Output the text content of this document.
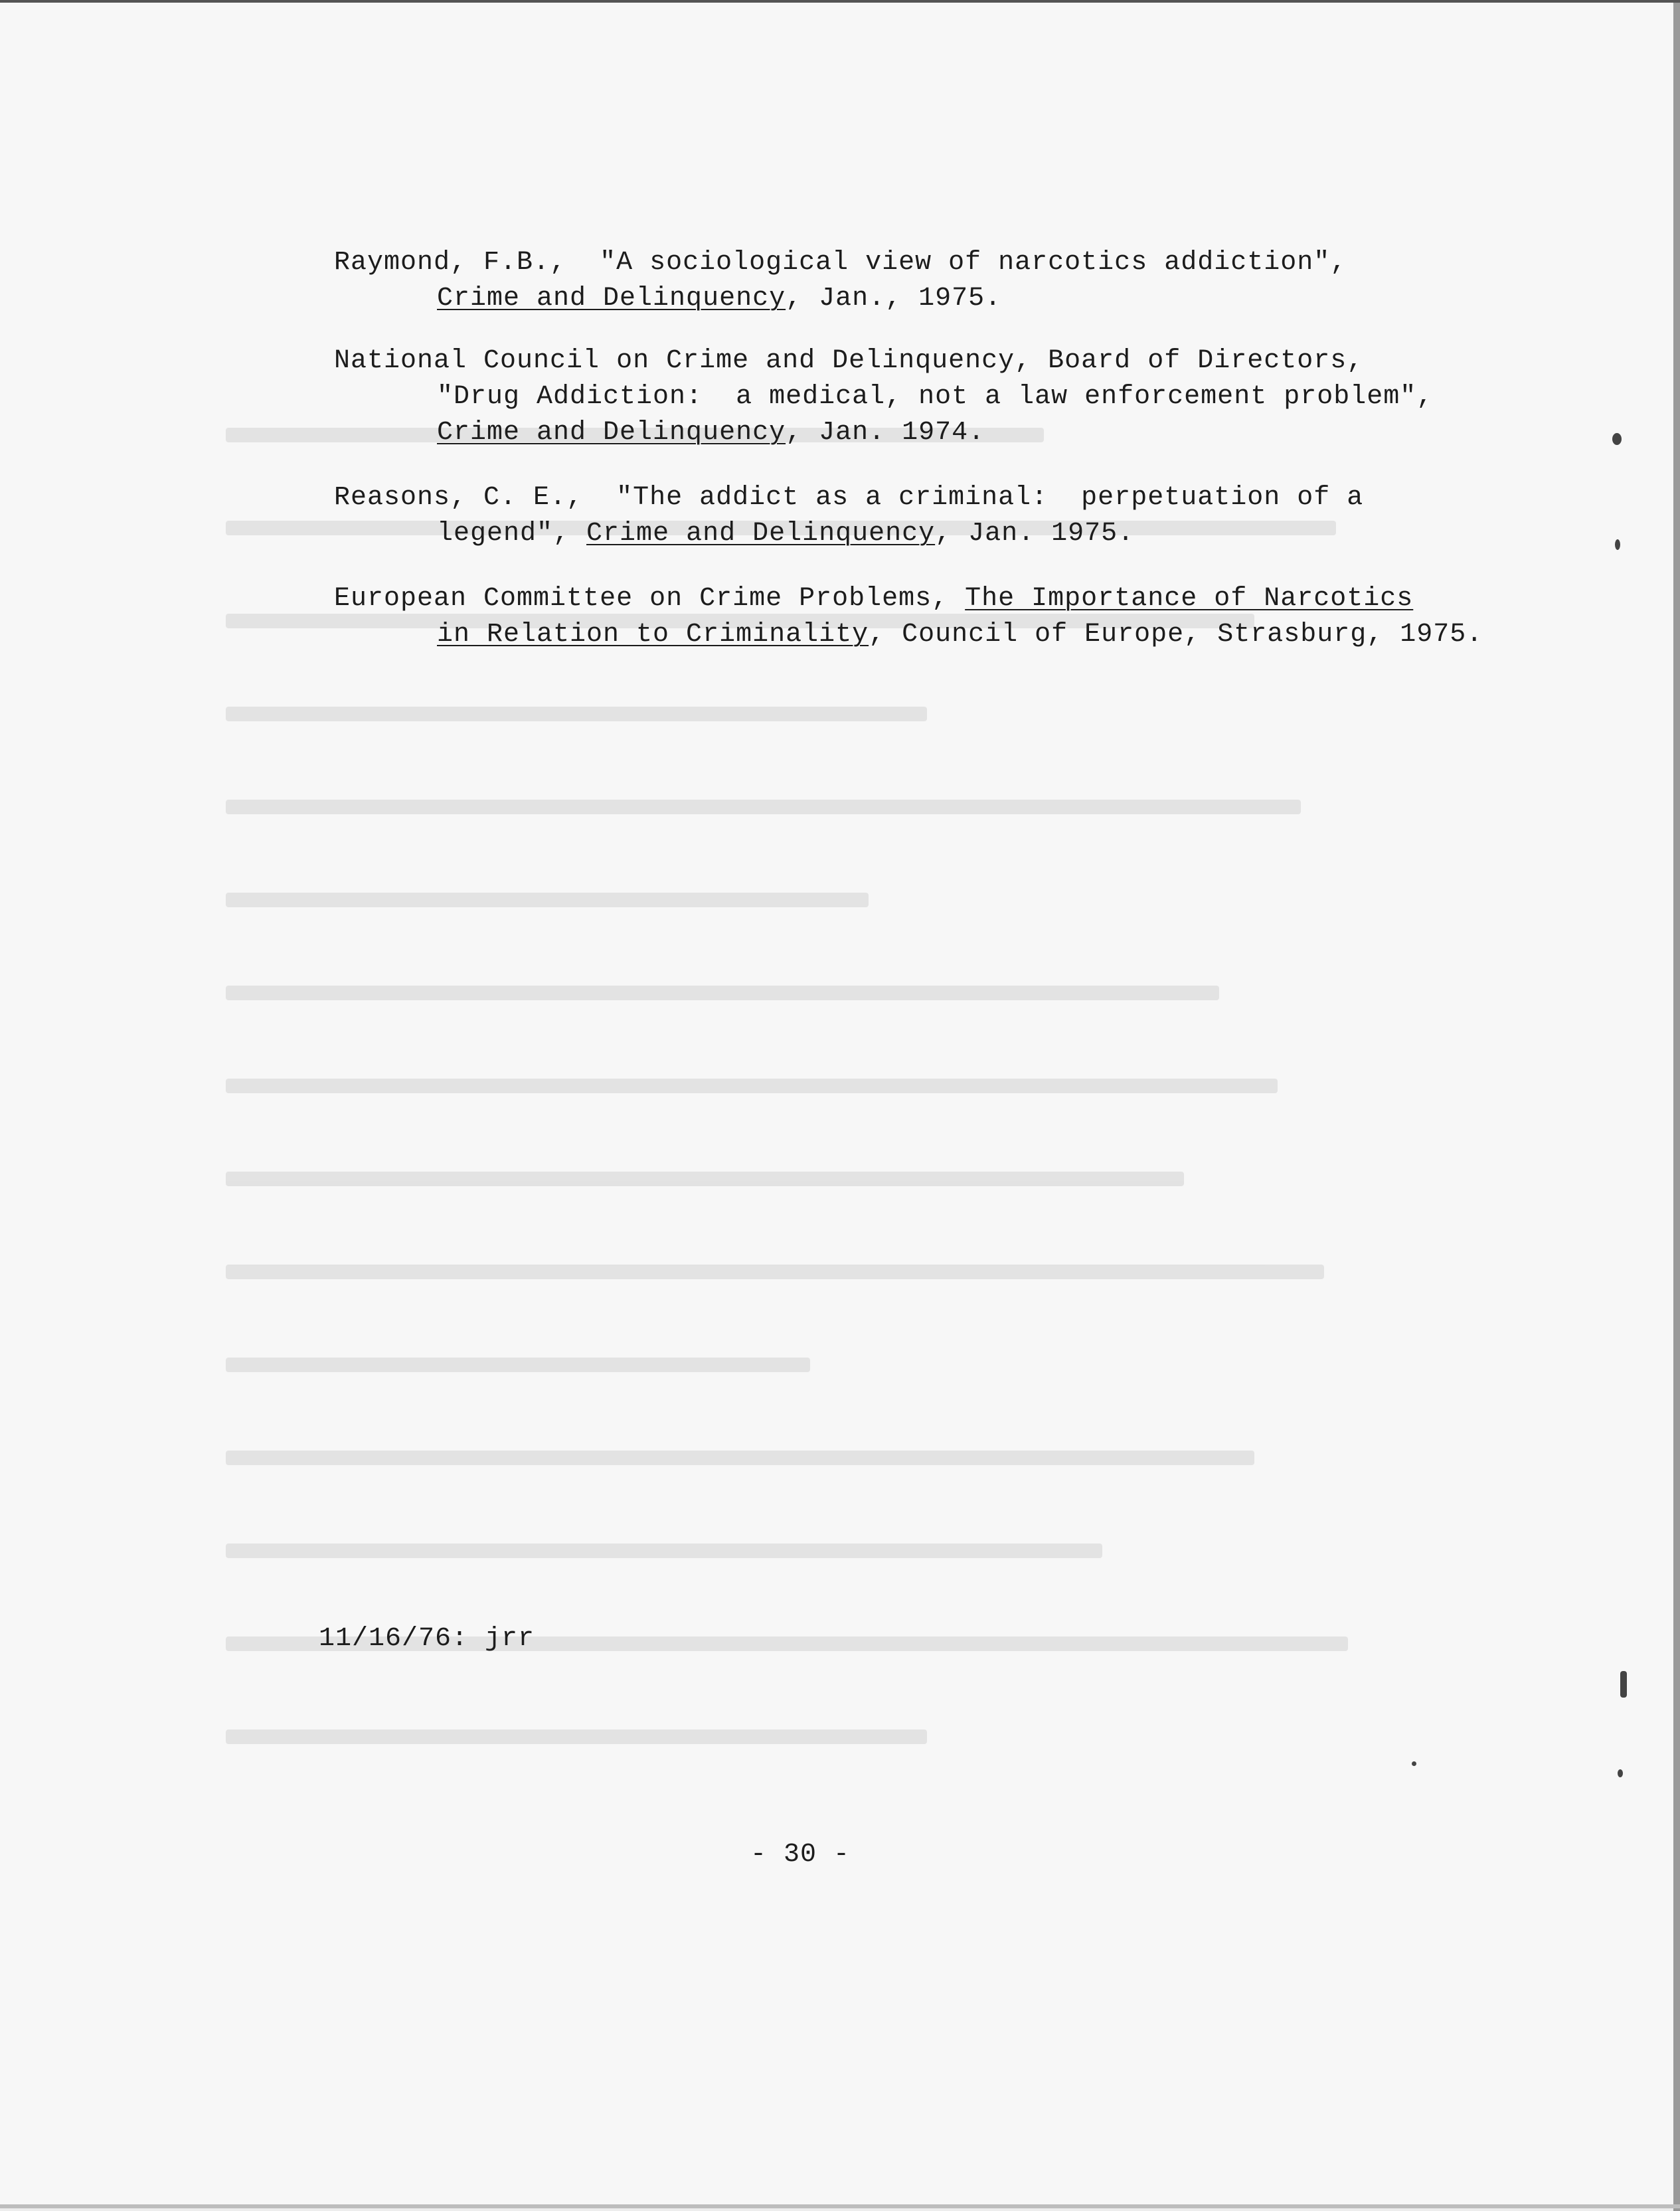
Raymond, F.B.,  "A sociological view of narcotics addiction",
Crime and Delinquency, Jan., 1975.
National Council on Crime and Delinquency, Board of Directors,
"Drug Addiction:  a medical, not a law enforcement problem",
Crime and Delinquency, Jan. 1974.
Reasons, C. E.,  "The addict as a criminal:  perpetuation of a
legend", Crime and Delinquency, Jan. 1975.
European Committee on Crime Problems, The Importance of Narcotics
in Relation to Criminality, Council of Europe, Strasburg, 1975.
11/16/76: jrr
- 30 -
